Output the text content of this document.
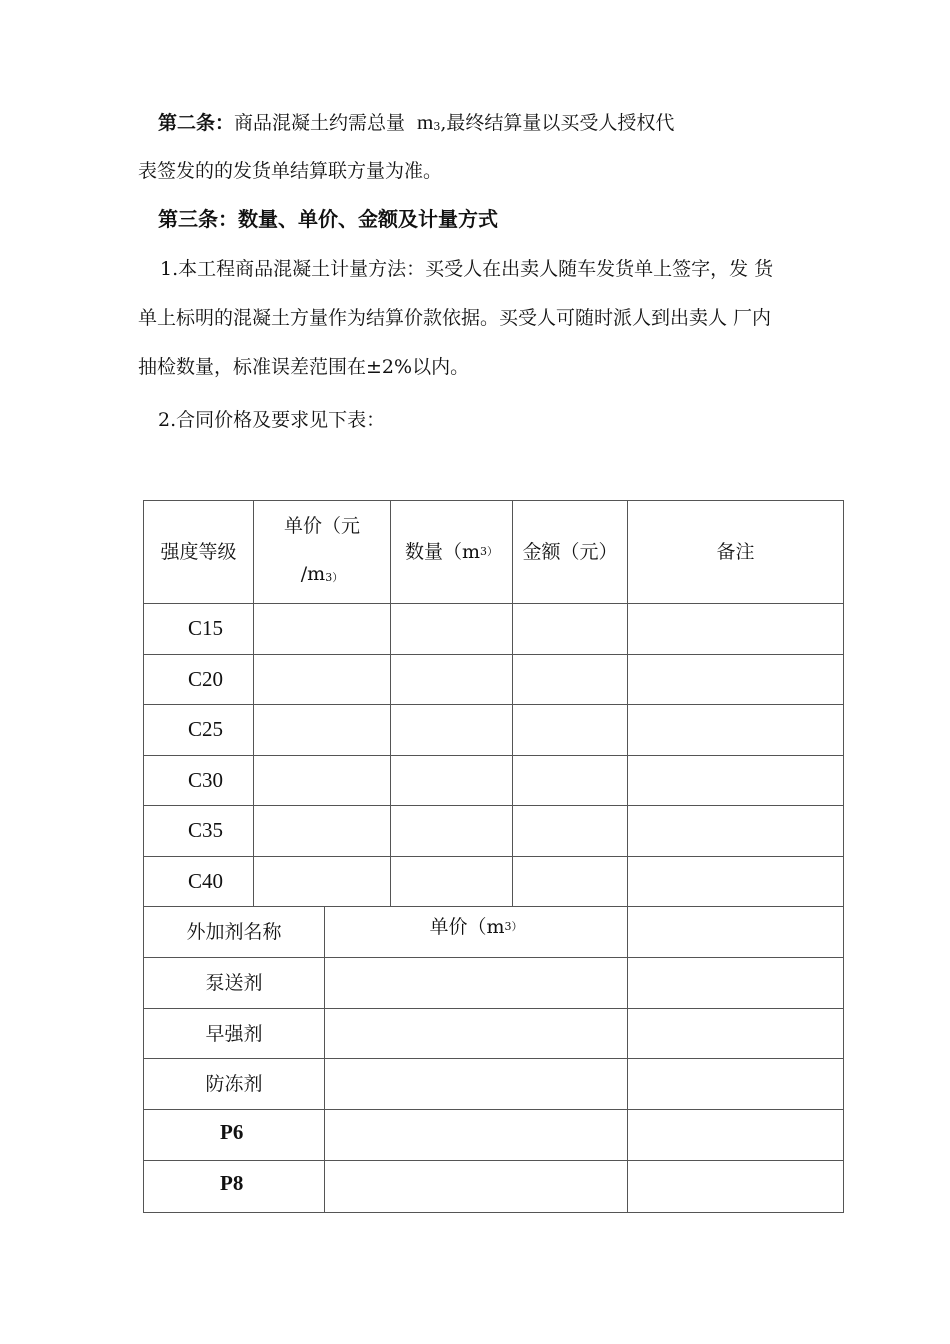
第二条：商品混凝土约需总量 m3,最终结算量以买受人授权代
表签发的的发货单结算联方量为准。
第三条：数量、单价、金额及计量方式
1.本工程商品混凝土计量方法：买受人在出卖人随车发货单上签字，发 货
单上标明的混凝土方量作为结算价款依据。买受人可随时派人到出卖人 厂内
抽检数量，标准误差范围在±2%以内。
2.合同价格及要求见下表：
强度等级
单价（元
/m3）
数量（m 3） 金额（元）	备注
C15
C20
C25
C30
C35
C40
外加剂名称	单价（m 3）
泵送剂
早强剂
防冻剂
P6
P8
